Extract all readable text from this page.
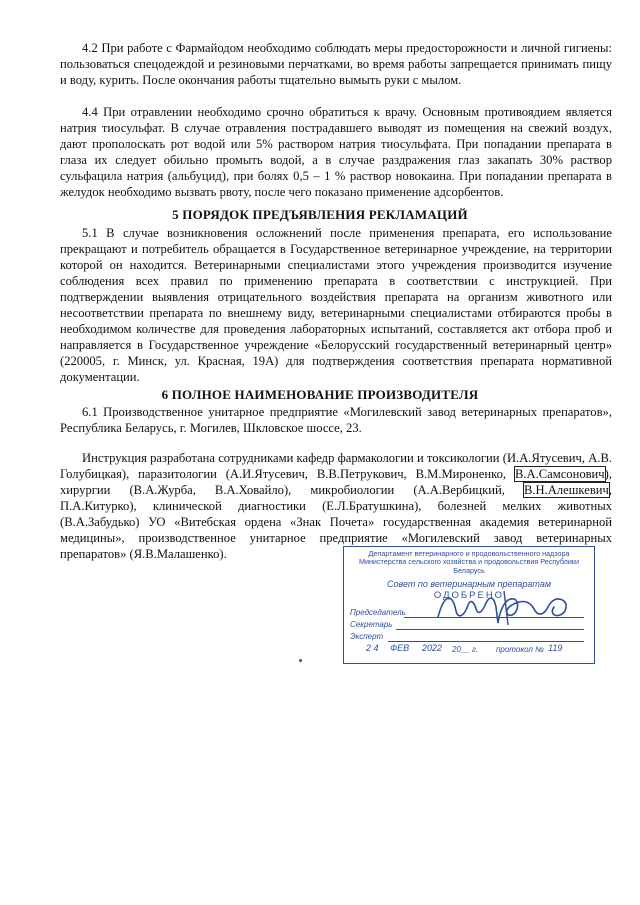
4.2 При работе с Фармайодом необходимо соблюдать меры предосторожности и личной гигиены: пользоваться спецодеждой и резиновыми перчатками, во время работы запрещается принимать пищу и воду, курить. После окончания работы тщательно вымыть руки с мылом.

4.4 При отравлении необходимо срочно обратиться к врачу. Основным противоядием является натрия тиосульфат. В случае отравления пострадавшего выводят из помещения на свежий воздух, дают прополоскать рот водой или 5% раствором натрия тиосульфата. При попадании препарата в глаза их следует обильно промыть водой, а в случае раздражения глаз закапать 30% раствор сульфацила натрия (альбуцид), при болях 0,5 – 1 % раствор новокаина. При попадании препарата в желудок необходимо вызвать рвоту, после чего показано применение адсорбентов.

5 ПОРЯДОК ПРЕДЪЯВЛЕНИЯ РЕКЛАМАЦИЙ

5.1 В случае возникновения осложнений после применения препарата, его использование прекращают и потребитель обращается в Государственное ветеринарное учреждение, на территории которой он находится. Ветеринарными специалистами этого учреждения производится изучение соблюдения всех правил по применению препарата в соответствии с инструкцией. При подтверждении выявления отрицательного воздействия препарата на организм животного или несоответствии препарата по внешнему виду, ветеринарными специалистами отбираются пробы в необходимом количестве для проведения лабораторных испытаний, составляется акт отбора проб и направляется в Государственное учреждение «Белорусский государственный ветеринарный центр» (220005, г. Минск, ул. Красная, 19А) для подтверждения соответствия препарата нормативной документации.

6 ПОЛНОЕ НАИМЕНОВАНИЕ ПРОИЗВОДИТЕЛЯ

6.1 Производственное унитарное предприятие «Могилевский завод ветеринарных препаратов», Республика Беларусь, г. Могилев, Шкловское шоссе, 23.

Инструкция разработана сотрудниками кафедр фармакологии и токсикологии (И.А.Ятусевич, А.В. Голубицкая), паразитологии (А.И.Ятусевич, В.В.Петрукович, В.М.Мироненко, В.А.Самсонович), хирургии (В.А.Журба, В.А.Ховайло), микробиологии (А.А.Вербицкий, В.Н.Алешкевич, П.А.Китурко), клинической диагностики (Е.Л.Братушкина), болезней мелких животных (В.А.Забудько) УО «Витебская ордена «Знак Почета» государственная академия ветеринарной медицины», производственное унитарное предприятие «Могилевский завод ветеринарных препаратов» (Я.В.Малашенко).	Департамент ветеринарного и продовольственного надзора Министерства сельского хозяйства и продовольствия Республики Беларусь
Совет по ветеринарным препаратам
ОДОБРЕНО
Председатель
Секретарь
Эксперт
2 4 ФЕВ 2022 20__ г. протокол № 119
